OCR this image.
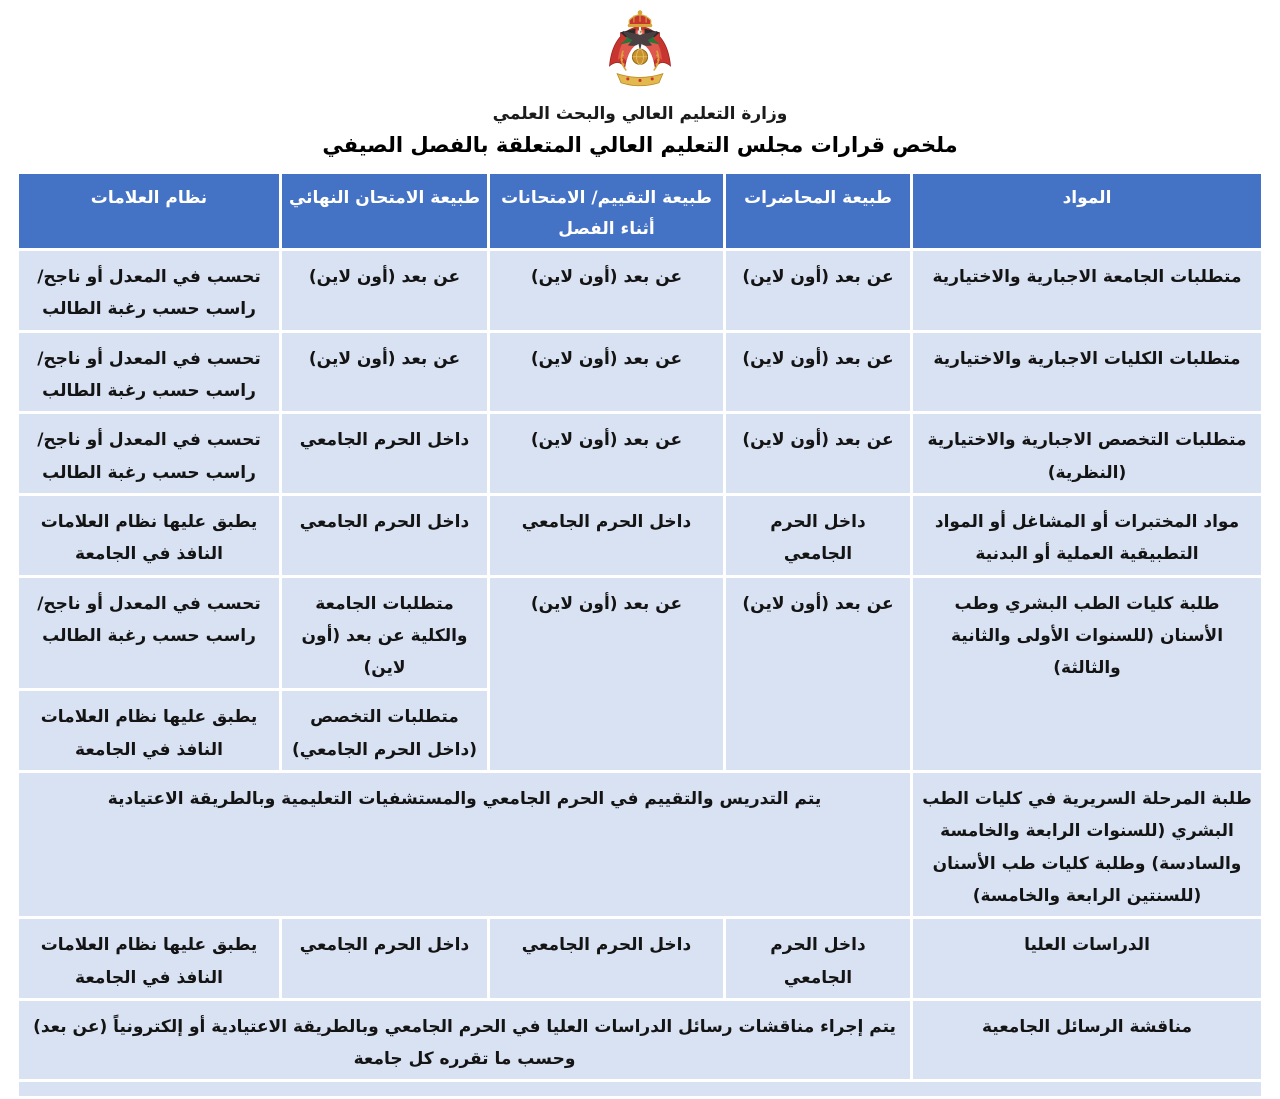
وزارة التعليم العالي والبحث العلمي
ملخص قرارات مجلس التعليم العالي المتعلقة بالفصل الصيفي
المواد	طبيعة المحاضرات	طبيعة التقييم/ الامتحانات أثناء الفصل	طبيعة الامتحان النهائي	نظام العلامات
متطلبات الجامعة الاجبارية والاختيارية	عن بعد (أون لاين)	عن بعد (أون لاين)	عن بعد (أون لاين)	تحسب في المعدل أو ناجح/ راسب حسب رغبة الطالب
متطلبات الكليات الاجبارية والاختيارية	عن بعد (أون لاين)	عن بعد (أون لاين)	عن بعد (أون لاين)	تحسب في المعدل أو ناجح/ راسب حسب رغبة الطالب
متطلبات التخصص الاجبارية والاختيارية (النظرية)	عن بعد (أون لاين)	عن بعد (أون لاين)	داخل الحرم الجامعي	تحسب في المعدل أو ناجح/ راسب حسب رغبة الطالب
مواد المختبرات أو المشاغل أو المواد التطبيقية العملية أو البدنية	داخل الحرم الجامعي	داخل الحرم الجامعي	داخل الحرم الجامعي	يطبق عليها نظام العلامات النافذ في الجامعة
طلبة كليات الطب البشري وطب الأسنان (للسنوات الأولى والثانية والثالثة)	عن بعد (أون لاين)	عن بعد (أون لاين)	متطلبات الجامعة والكلية عن بعد (أون لاين)	تحسب في المعدل أو ناجح/ راسب حسب رغبة الطالب
			متطلبات التخصص (داخل الحرم الجامعي)	يطبق عليها نظام العلامات النافذ في الجامعة
طلبة المرحلة السريرية في كليات الطب البشري (للسنوات الرابعة والخامسة والسادسة) وطلبة كليات طب الأسنان (للسنتين الرابعة والخامسة)	يتم التدريس والتقييم في الحرم الجامعي والمستشفيات التعليمية وبالطريقة الاعتيادية			
الدراسات العليا	داخل الحرم الجامعي	داخل الحرم الجامعي	داخل الحرم الجامعي	يطبق عليها نظام العلامات النافذ في الجامعة
مناقشة الرسائل الجامعية	يتم إجراء مناقشات رسائل الدراسات العليا في الحرم الجامعي وبالطريقة الاعتيادية أو إلكترونياً (عن بعد) وحسب ما تقرره كل جامعة			
